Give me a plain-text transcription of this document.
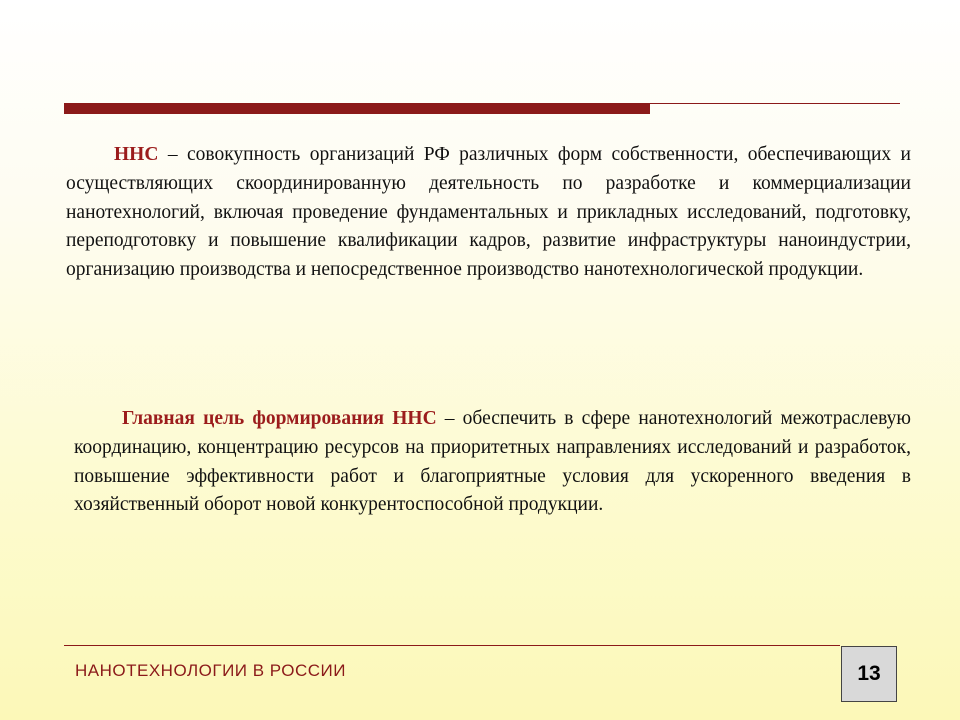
ННС – совокупность организаций РФ различных форм собственности, обеспечивающих и осуществляющих скоординированную деятельность по разработке и коммерциализации нанотехнологий, включая проведение фундаментальных и прикладных исследований, подготовку, переподготовку и повышение квалификации кадров, развитие инфраструктуры наноиндустрии, организацию производства и непосредственное производство нанотехнологической продукции.

Главная цель формирования ННС – обеспечить в сфере нанотехнологий межотраслевую координацию, концентрацию ресурсов на приоритетных направлениях исследований и разработок, повышение эффективности работ и благоприятные условия для ускоренного введения в хозяйственный оборот новой конкурентоспособной продукции.

НАНОТЕХНОЛОГИИ В РОССИИ	13
